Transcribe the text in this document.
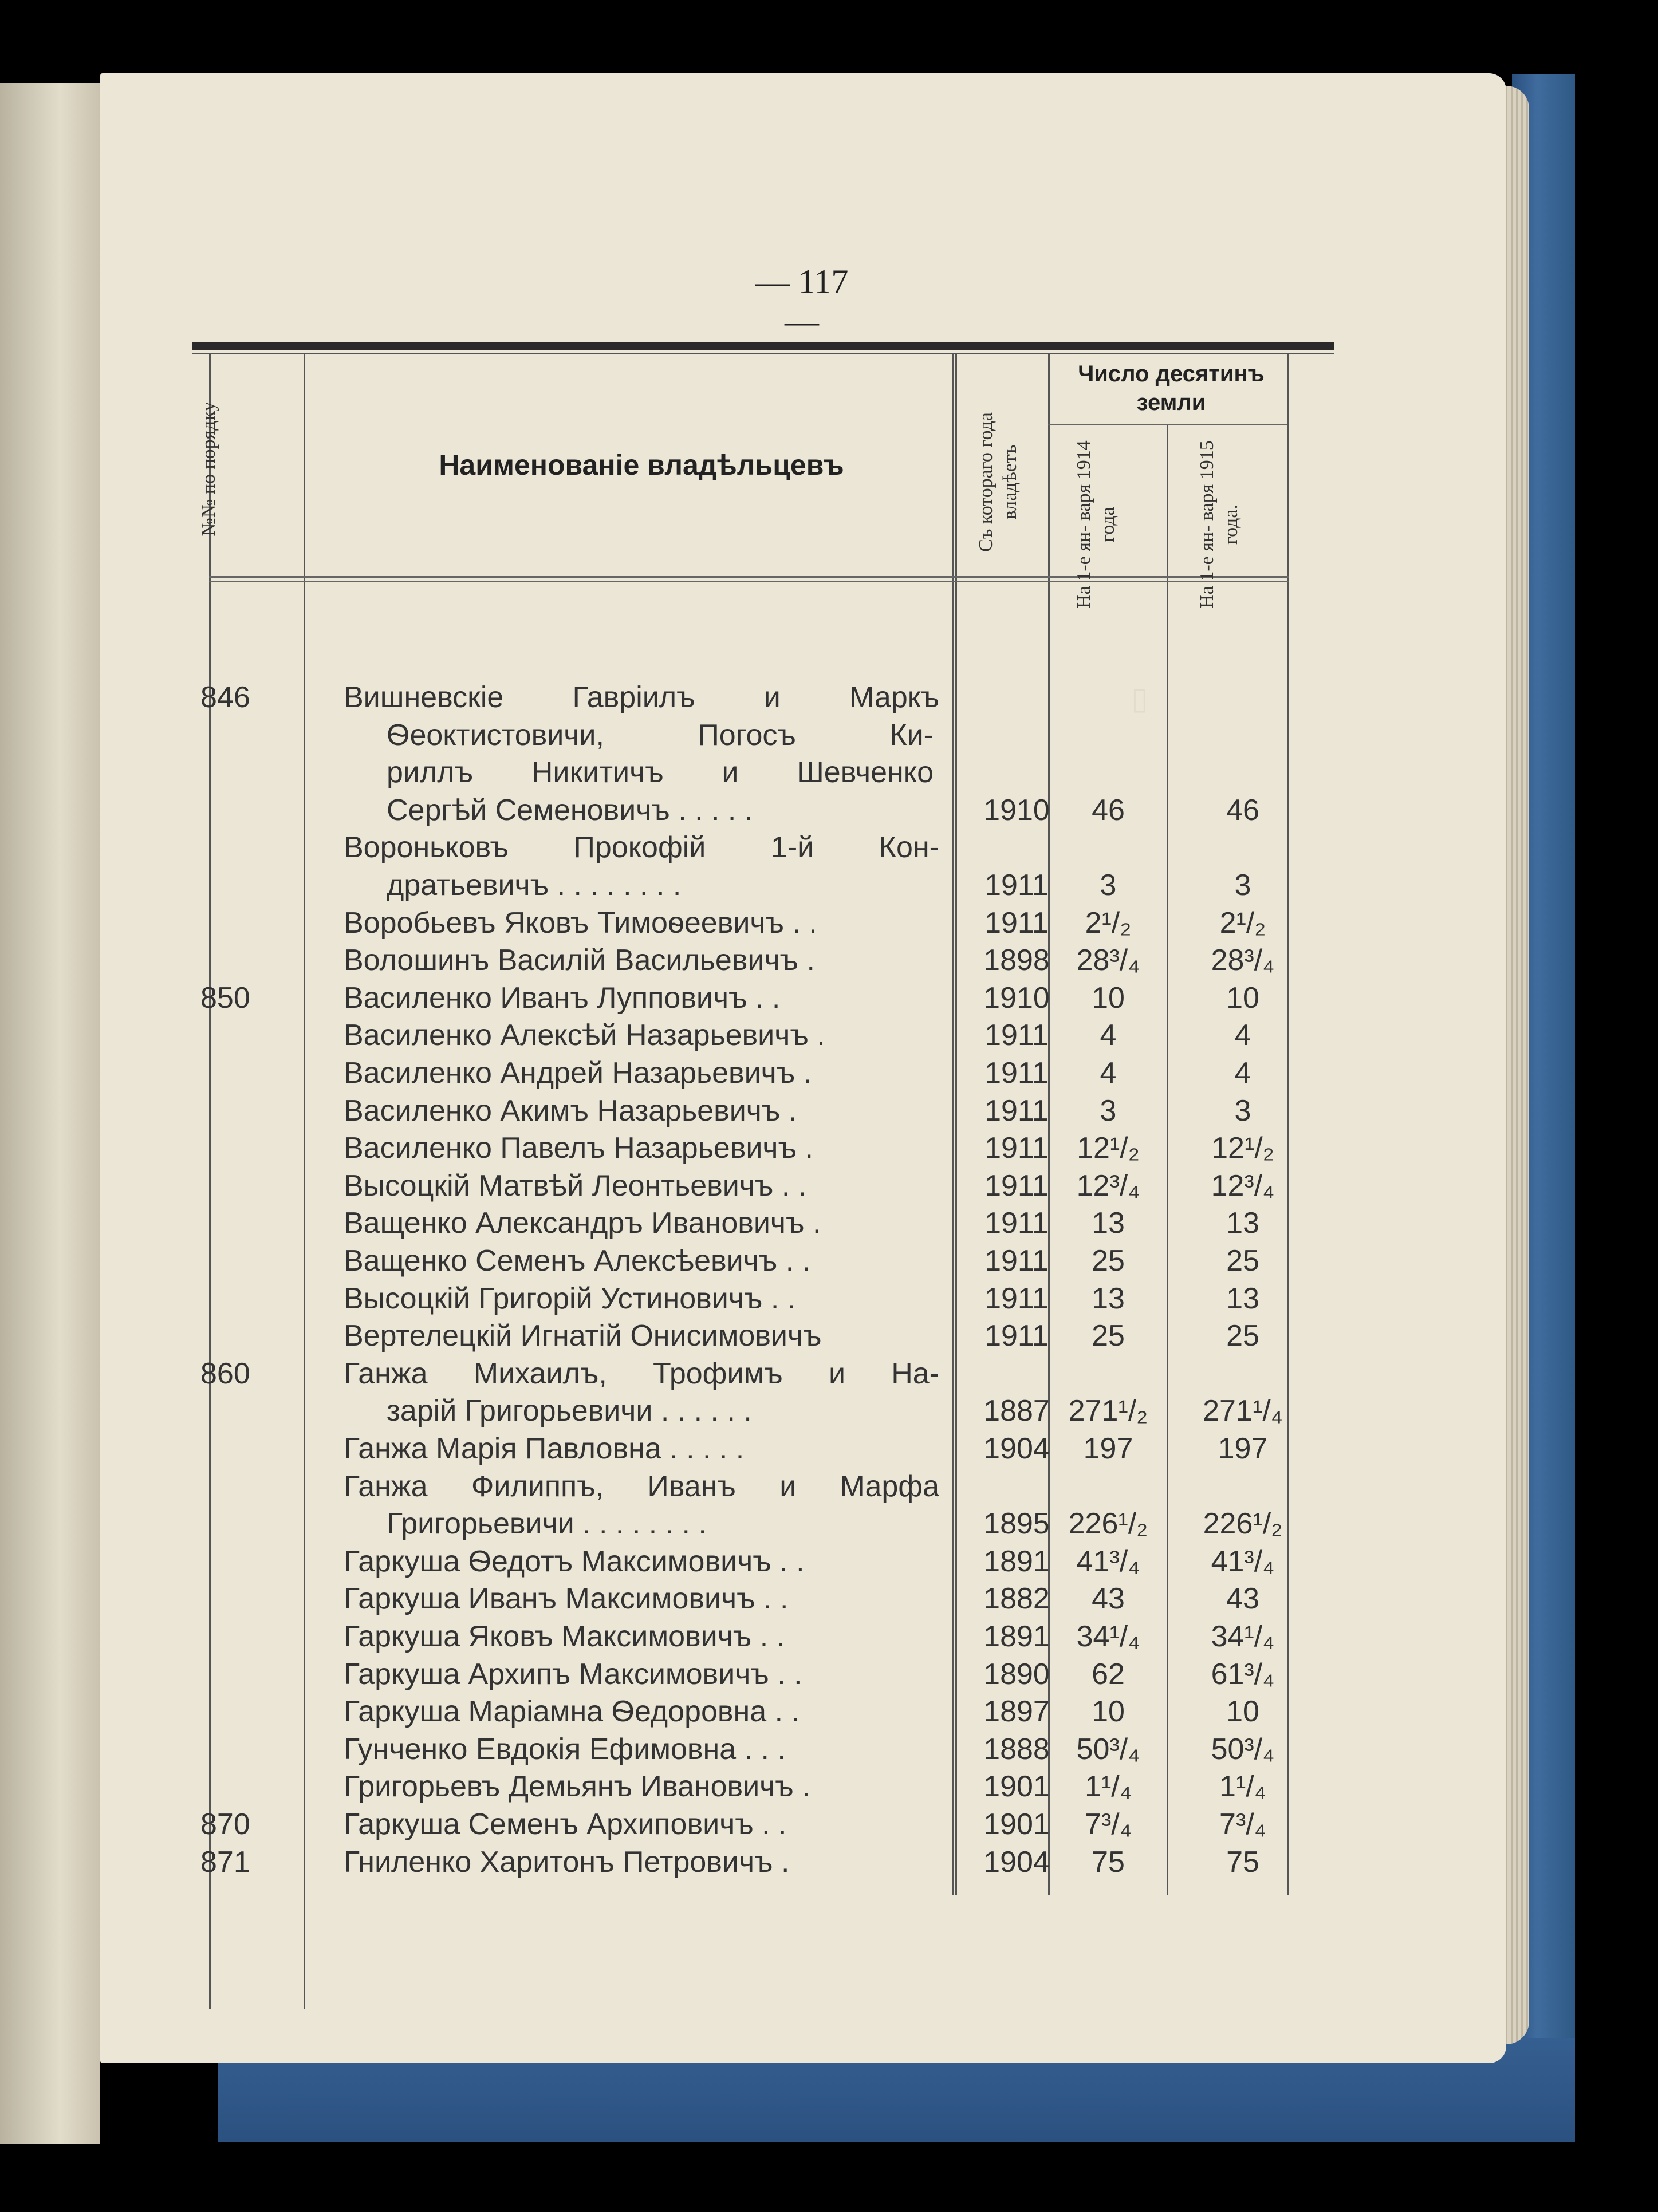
▯
— 117 —
№№ по порядку	Наименованіе владѣльцевъ	Съ котораго года владѣетъ
Число десятинъ земли
На 1-е ян- варя 1914 года	На 1-е ян- варя 1915 года.
846	Вишневскіе Гавріилъ и Маркъ
Ѳеоктистовичи, Погосъ Ки-
риллъ Никитичъ и Шевченко
Сергѣй Семеновичъ . . . . .	1910	46	46
Вороньковъ Прокофій 1-й Кон-
дратьевичъ . . . . . . . .	1911	3	3
Воробьевъ Яковъ Тимоѳеевичъ . .	1911	2¹/₂	2¹/₂
Волошинъ Василій Васильевичъ .	1898 28³/₄	28³/₄
850	Василенко Иванъ Лупповичъ . .	1910	10	10
Василенко Алексѣй Назарьевичъ .	1911	4	4
Василенко Андрей Назарьевичъ .	1911	4	4
Василенко Акимъ Назарьевичъ .	1911	3	3
Василенко Павелъ Назарьевичъ .	1911 12¹/₂	12¹/₂
Высоцкій Матвѣй Леонтьевичъ . .	1911 12³/₄	12³/₄
Ващенко Александръ Ивановичъ .	1911	13	13
Ващенко Семенъ Алексѣевичъ . .	1911	25	25
Высоцкій Григорій Устиновичъ . .	1911	13	13
Вертелецкій Игнатій Онисимовичъ	1911	25	25
860	Ганжа Михаилъ, Трофимъ и На-
зарій Григорьевичи . . . . . .	1887 271¹/₂	271¹/₄
Ганжа Марія Павловна . . . . .	1904	197	197
Ганжа Филиппъ, Иванъ и Марфа
Григорьевичи . . . . . . . .	1895 226¹/₂	226¹/₂
Гаркуша Ѳедотъ Максимовичъ . .	1891 41³/₄	41³/₄
Гаркуша Иванъ Максимовичъ . .	1882	43	43
Гаркуша Яковъ Максимовичъ . .	1891 34¹/₄	34¹/₄
Гаркуша Архипъ Максимовичъ . .	1890	62	61³/₄
Гаркуша Маріамна Ѳедоровна . .	1897	10	10
Гунченко Евдокія Ефимовна . . .	1888 50³/₄	50³/₄
Григорьевъ Демьянъ Ивановичъ .	1901	1¹/₄	1¹/₄
870	Гаркуша Семенъ Архиповичъ . .	1901	7³/₄	7³/₄
871	Гниленко Харитонъ Петровичъ .	1904	75	75
